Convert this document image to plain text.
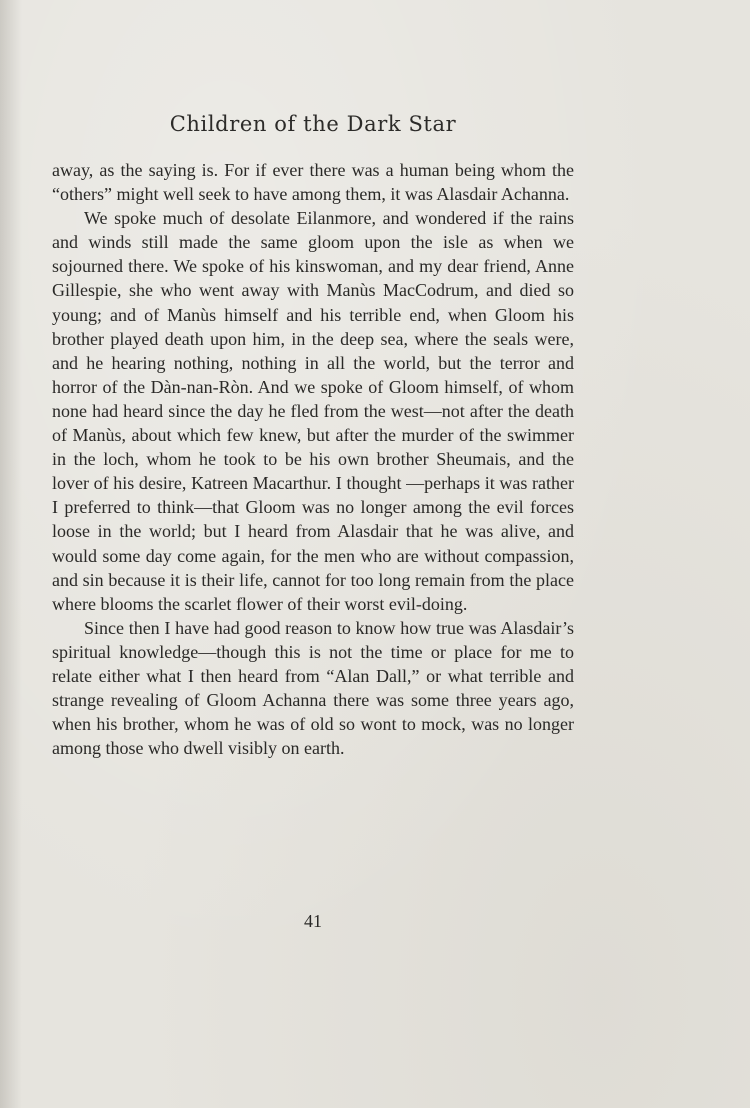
Children of the Dark Star

away, as the saying is. For if ever there was a human being whom the “others” might well seek to have among them, it was Alasdair Achanna.

We spoke much of desolate Eilanmore, and wondered if the rains and winds still made the same gloom upon the isle as when we sojourned there. We spoke of his kinswoman, and my dear friend, Anne Gillespie, she who went away with Manùs MacCodrum, and died so young; and of Manùs himself and his terrible end, when Gloom his brother played death upon him, in the deep sea, where the seals were, and he hearing nothing, nothing in all the world, but the terror and horror of the Dàn-nan-Ròn. And we spoke of Gloom himself, of whom none had heard since the day he fled from the west—not after the death of Manùs, about which few knew, but after the murder of the swimmer in the loch, whom he took to be his own brother Sheumais, and the lover of his desire, Katreen Macarthur. I thought —perhaps it was rather I preferred to think—that Gloom was no longer among the evil forces loose in the world; but I heard from Alasdair that he was alive, and would some day come again, for the men who are without compassion, and sin because it is their life, cannot for too long remain from the place where blooms the scarlet flower of their worst evil-doing.

Since then I have had good reason to know how true was Alasdair’s spiritual knowledge—though this is not the time or place for me to relate either what I then heard from “Alan Dall,” or what terrible and strange revealing of Gloom Achanna there was some three years ago, when his brother, whom he was of old so wont to mock, was no longer among those who dwell visibly on earth.

41
